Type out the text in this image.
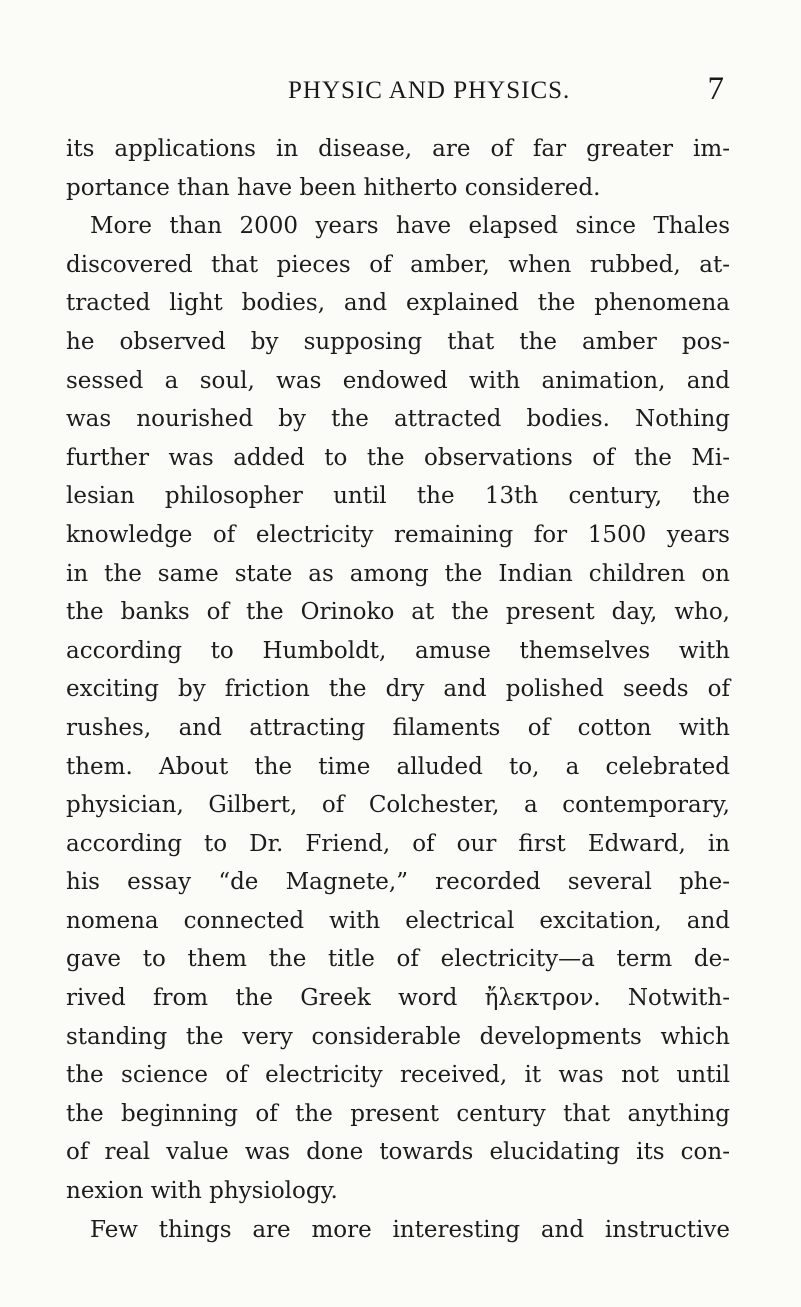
PHYSIC AND PHYSICS.	7
its applications in disease, are of far greater im-
portance than have been hitherto considered.
More than 2000 years have elapsed since Thales
discovered that pieces of amber, when rubbed, at-
tracted light bodies, and explained the phenomena
he observed by supposing that the amber pos-
sessed a soul, was endowed with animation, and
was nourished by the attracted bodies. Nothing
further was added to the observations of the Mi-
lesian philosopher until the 13th century, the
knowledge of electricity remaining for 1500 years
in the same state as among the Indian children on
the banks of the Orinoko at the present day, who,
according to Humboldt, amuse themselves with
exciting by friction the dry and polished seeds of
rushes, and attracting filaments of cotton with
them. About the time alluded to, a celebrated
physician, Gilbert, of Colchester, a contemporary,
according to Dr. Friend, of our first Edward, in
his essay “de Magnete,” recorded several phe-
nomena connected with electrical excitation, and
gave to them the title of electricity—a term de-
rived from the Greek word ἤλεκτρον. Notwith-
standing the very considerable developments which
the science of electricity received, it was not until
the beginning of the present century that anything
of real value was done towards elucidating its con-
nexion with physiology.
Few things are more interesting and instructive
